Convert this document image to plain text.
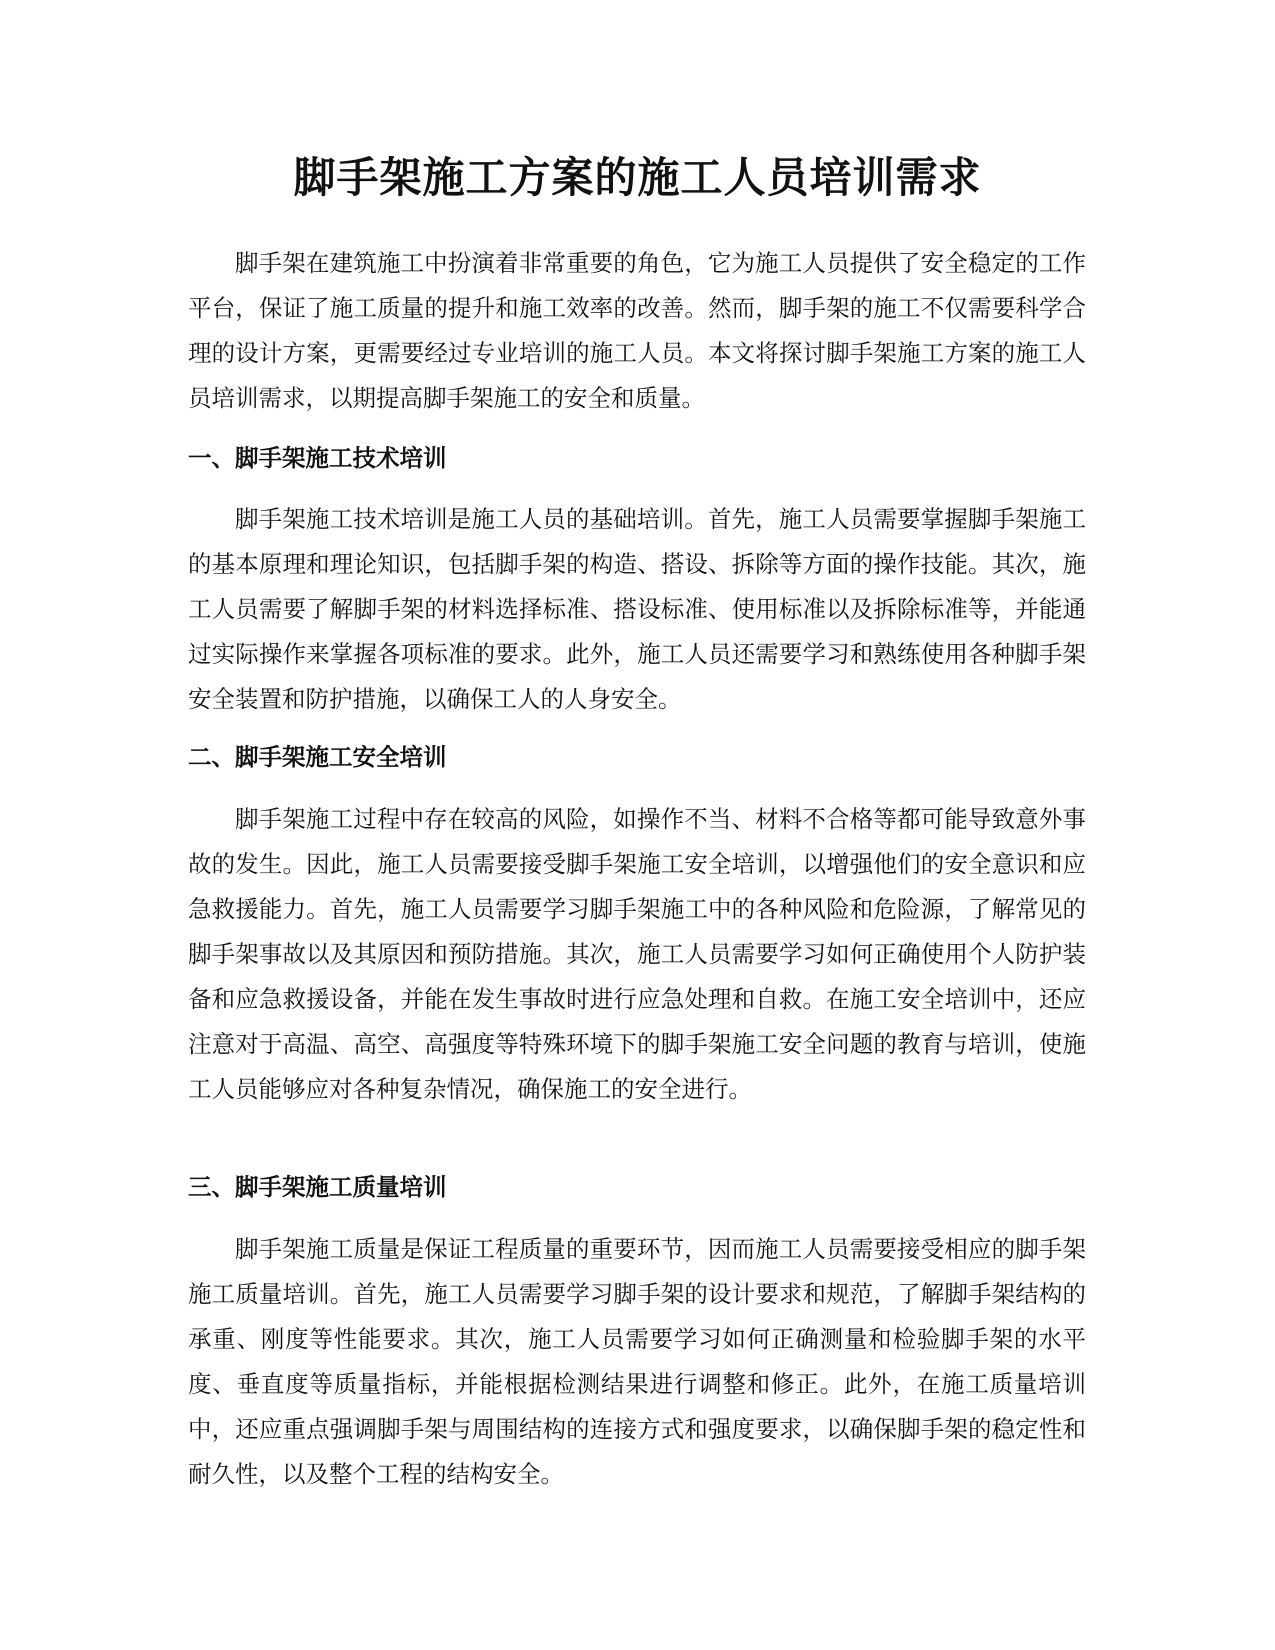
脚手架施工方案的施工人员培训需求

脚手架在建筑施工中扮演着非常重要的角色，它为施工人员提供了安全稳定的工作平台，保证了施工质量的提升和施工效率的改善。然而，脚手架的施工不仅需要科学合理的设计方案，更需要经过专业培训的施工人员。本文将探讨脚手架施工方案的施工人员培训需求，以期提高脚手架施工的安全和质量。

一、脚手架施工技术培训

脚手架施工技术培训是施工人员的基础培训。首先，施工人员需要掌握脚手架施工的基本原理和理论知识，包括脚手架的构造、搭设、拆除等方面的操作技能。其次，施工人员需要了解脚手架的材料选择标准、搭设标准、使用标准以及拆除标准等，并能通过实际操作来掌握各项标准的要求。此外，施工人员还需要学习和熟练使用各种脚手架安全装置和防护措施，以确保工人的人身安全。

二、脚手架施工安全培训

脚手架施工过程中存在较高的风险，如操作不当、材料不合格等都可能导致意外事故的发生。因此，施工人员需要接受脚手架施工安全培训，以增强他们的安全意识和应急救援能力。首先，施工人员需要学习脚手架施工中的各种风险和危险源，了解常见的脚手架事故以及其原因和预防措施。其次，施工人员需要学习如何正确使用个人防护装备和应急救援设备，并能在发生事故时进行应急处理和自救。在施工安全培训中，还应注意对于高温、高空、高强度等特殊环境下的脚手架施工安全问题的教育与培训，使施工人员能够应对各种复杂情况，确保施工的安全进行。

三、脚手架施工质量培训

脚手架施工质量是保证工程质量的重要环节，因而施工人员需要接受相应的脚手架施工质量培训。首先，施工人员需要学习脚手架的设计要求和规范，了解脚手架结构的承重、刚度等性能要求。其次，施工人员需要学习如何正确测量和检验脚手架的水平度、垂直度等质量指标，并能根据检测结果进行调整和修正。此外，在施工质量培训中，还应重点强调脚手架与周围结构的连接方式和强度要求，以确保脚手架的稳定性和耐久性，以及整个工程的结构安全。
